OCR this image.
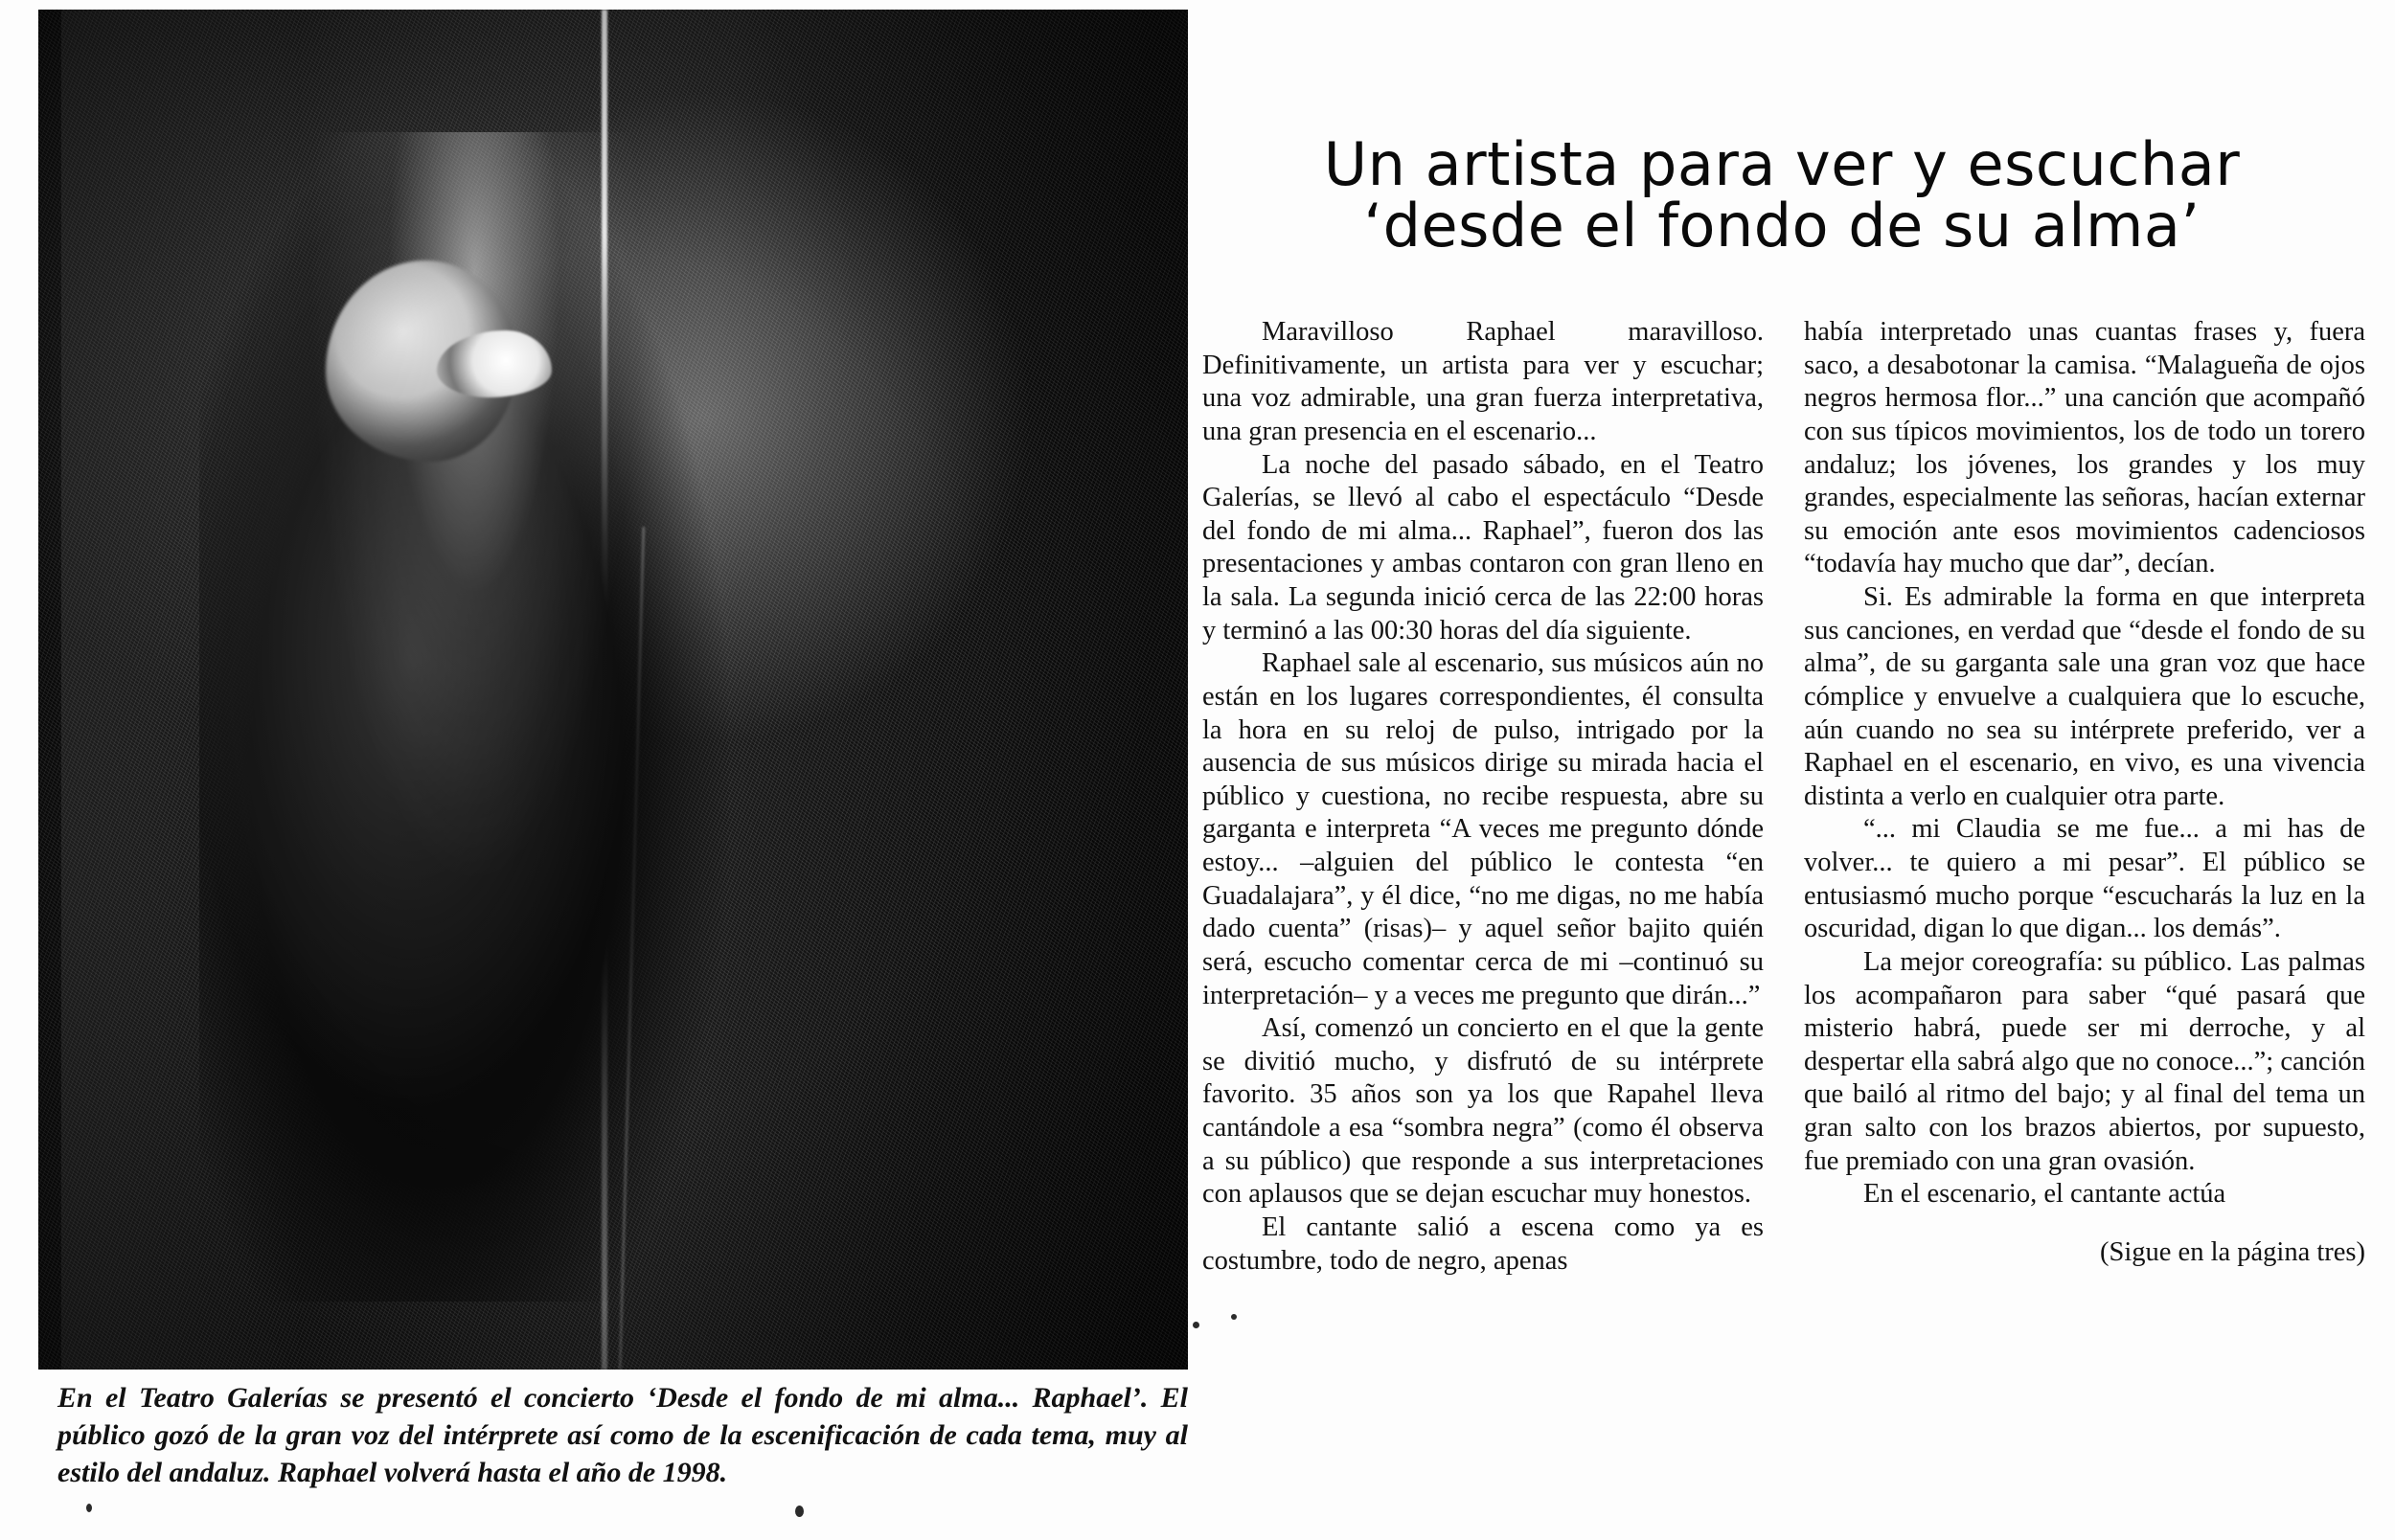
En el Teatro Galerías se presentó el concierto ‘Desde el fondo de mi alma... Raphael’. El público gozó de la gran voz del intérprete así como de la escenificación de cada tema, muy al estilo del andaluz. Raphael volverá hasta el año de 1998.
Un artista para ver y escuchar
‘desde el fondo de su alma’

Maravilloso Raphael maravilloso. Definitivamente, un artista para ver y escuchar; una voz admirable, una gran fuerza interpretativa, una gran presencia en el escenario...

La noche del pasado sábado, en el Teatro Galerías, se llevó al cabo el espectáculo “Desde del fondo de mi alma... Raphael”, fueron dos las presentaciones y ambas contaron con gran lleno en la sala. La segunda inició cerca de las 22:00 horas y terminó a las 00:30 horas del día siguiente.

Raphael sale al escenario, sus músicos aún no están en los lugares correspondientes, él consulta la hora en su reloj de pulso, intrigado por la ausencia de sus músicos dirige su mirada hacia el público y cuestiona, no recibe respuesta, abre su garganta e interpreta “A veces me pregunto dónde estoy... –alguien del público le contesta “en Guadalajara”, y él dice, “no me digas, no me había dado cuenta” (risas)– y aquel señor bajito quién será, escucho comentar cerca de mi –continuó su interpretación– y a veces me pregunto que dirán...”

Así, comenzó un concierto en el que la gente se divitió mucho, y disfrutó de su intérprete favorito. 35 años son ya los que Rapahel lleva cantándole a esa “sombra negra” (como él observa a su público) que responde a sus interpretaciones con aplausos que se dejan escuchar muy honestos.

El cantante salió a escena como ya es costumbre, todo de negro, apenas

había interpretado unas cuantas frases y, fuera saco, a desabotonar la camisa. “Malagueña de ojos negros hermosa flor...” una canción que acompañó con sus típicos movimientos, los de todo un torero andaluz; los jóvenes, los grandes y los muy grandes, especialmente las señoras, hacían externar su emoción ante esos movimientos cadenciosos “todavía hay mucho que dar”, decían.

Si. Es admirable la forma en que interpreta sus canciones, en verdad que “desde el fondo de su alma”, de su garganta sale una gran voz que hace cómplice y envuelve a cualquiera que lo escuche, aún cuando no sea su intérprete preferido, ver a Raphael en el escenario, en vivo, es una vivencia distinta a verlo en cualquier otra parte.

“... mi Claudia se me fue... a mi has de volver... te quiero a mi pesar”. El público se entusiasmó mucho porque “escucharás la luz en la oscuridad, digan lo que digan... los demás”.

La mejor coreografía: su público. Las palmas los acompañaron para saber “qué pasará que misterio habrá, puede ser mi derroche, y al despertar ella sabrá algo que no conoce...”; canción que bailó al ritmo del bajo; y al final del tema un gran salto con los brazos abiertos, por supuesto, fue premiado con una gran ovasión.

En el escenario, el cantante actúa

(Sigue en la página tres)
